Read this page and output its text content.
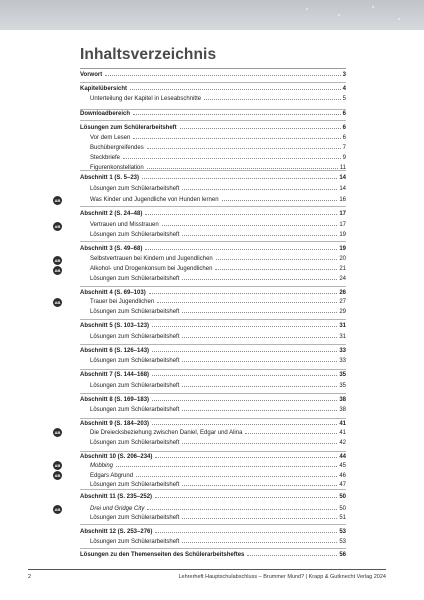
Inhaltsverzeichnis
AB
AB
AB
AB
AB
AB
AB
AB
AB
Vorwort	3
Kapitelübersicht	4
Unterteilung der Kapitel in Leseabschnitte	5
Downloadbereich	6
Lösungen zum Schülerarbeitsheft	6
Vor dem Lesen	6
Buchübergreifendes	7
Steckbriefe	9
Figurenkonstellation	11
Abschnitt 1 (S. 5–23)	14
Lösungen zum Schülerarbeitsheft	14
Was Kinder und Jugendliche von Hunden lernen	16
Abschnitt 2 (S. 24–48)	17
Vertrauen und Misstrauen	17
Lösungen zum Schülerarbeitsheft	19
Abschnitt 3 (S. 49–68)	19
Selbstvertrauen bei Kindern und Jugendlichen	20
Alkohol- und Drogenkonsum bei Jugendlichen	21
Lösungen zum Schülerarbeitsheft	24
Abschnitt 4 (S. 69–103)	26
Trauer bei Jugendlichen	27
Lösungen zum Schülerarbeitsheft	29
Abschnitt 5 (S. 103–123)	31
Lösungen zum Schülerarbeitsheft	31
Abschnitt 6 (S. 126–143)	33
Lösungen zum Schülerarbeitsheft	33
Abschnitt 7 (S. 144–168)	35
Lösungen zum Schülerarbeitsheft	35
Abschnitt 8 (S. 169–183)	38
Lösungen zum Schülerarbeitsheft	38
Abschnitt 9 (S. 184–203)	41
Die Dreiecksbeziehung zwischen Daniel, Edgar und Alina	41
Lösungen zum Schülerarbeitsheft	42
Abschnitt 10 (S. 206–234)	44
Mobbing	45
Edgars Abgrund	46
Lösungen zum Schülerarbeitsheft	47
Abschnitt 11 (S. 235–252)	50
Drei und Gridge City	50
Lösungen zum Schülerarbeitsheft	51
Abschnitt 12 (S. 253–276)	53
Lösungen zum Schülerarbeitsheft	53
Lösungen zu den Themenseiten des Schülerarbeitsheftes	56
2	Lehrerheft Hauptschulabschluss – Brummer Mund? | Krapp & Gutknecht Verlag 2024
